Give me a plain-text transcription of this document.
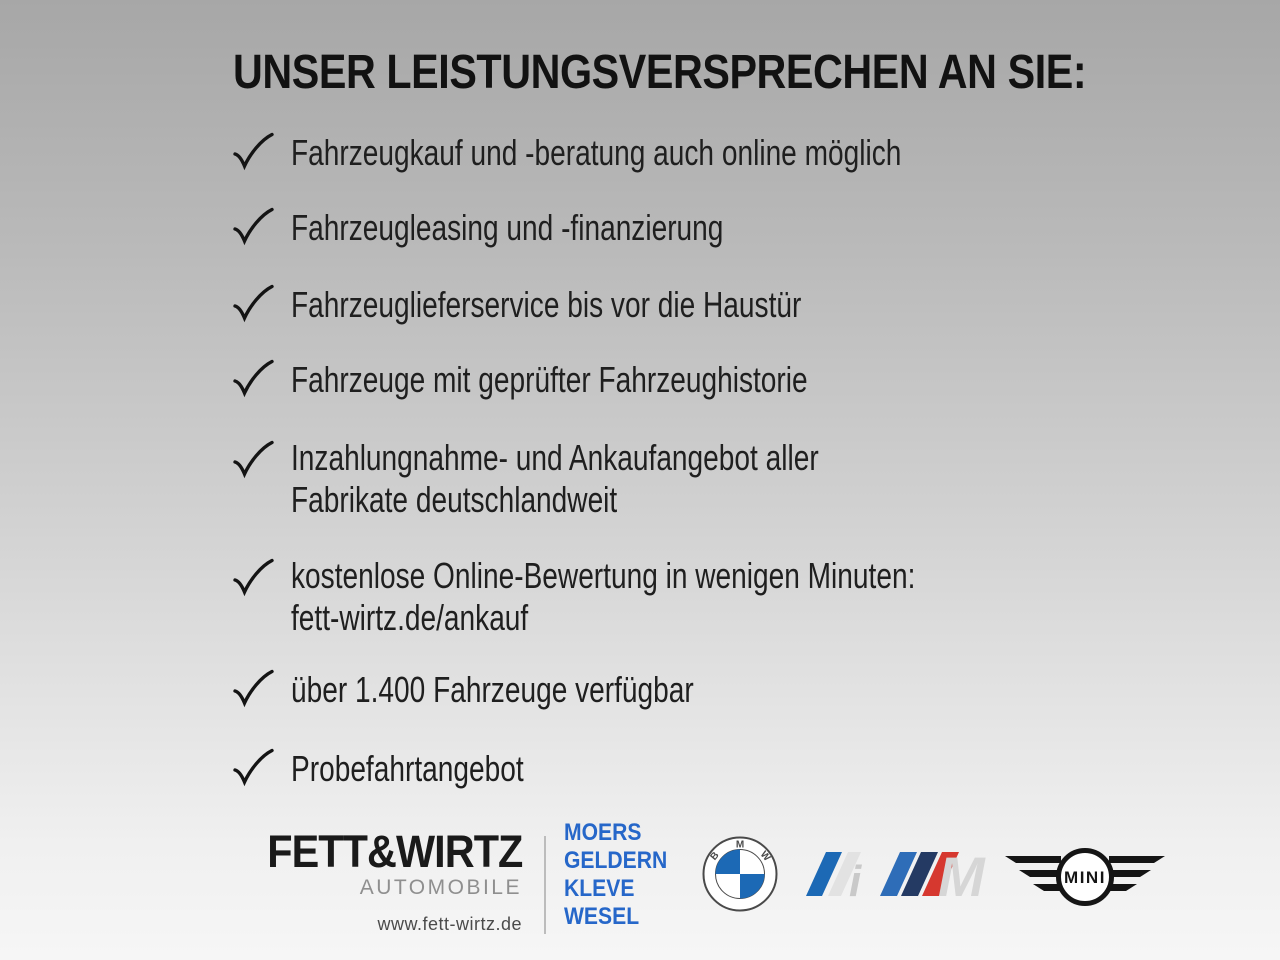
UNSER LEISTUNGSVERSPRECHEN AN SIE:
Fahrzeugkauf und -beratung auch online möglich
Fahrzeugleasing und -finanzierung
Fahrzeuglieferservice bis vor die Haustür
Fahrzeuge mit geprüfter Fahrzeughistorie
Inzahlungnahme- und Ankaufangebot aller
Fabrikate deutschlandweit
kostenlose Online-Bewertung in wenigen Minuten:
fett-wirtz.de/ankauf
über 1.400 Fahrzeuge verfügbar
Probefahrtangebot
FETT&WIRTZ
AUTOMOBILE
www.fett-wirtz.de
MOERS
GELDERN
KLEVE
WESEL
B
M
W
i M	MINI
